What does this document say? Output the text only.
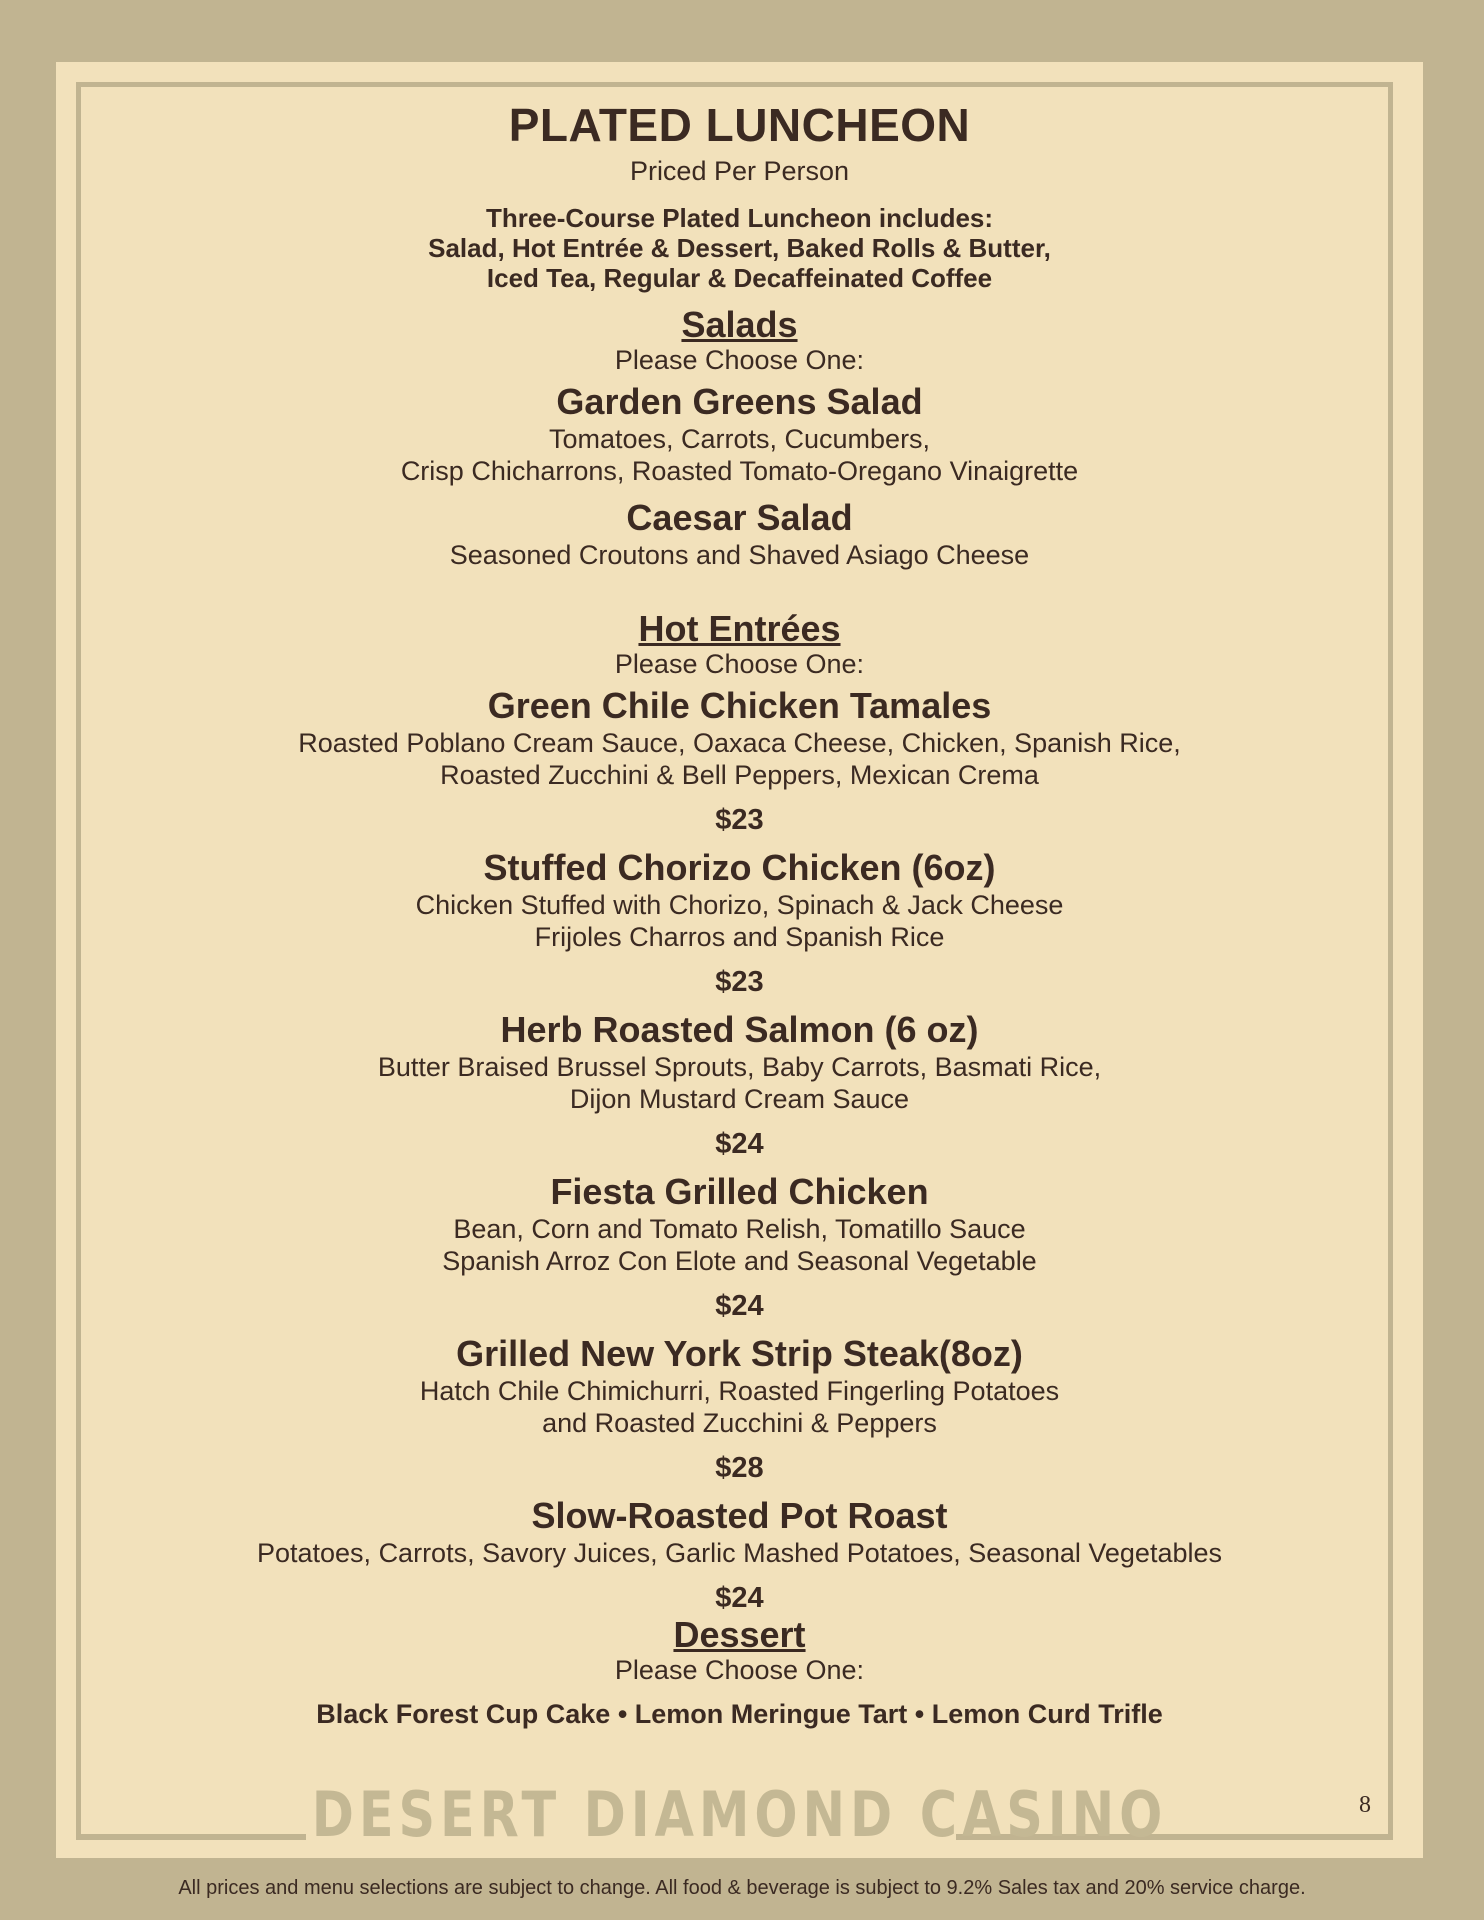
PLATED LUNCHEON
Priced Per Person
Three-Course Plated Luncheon includes:
Salad, Hot Entrée & Dessert, Baked Rolls & Butter,
Iced Tea, Regular & Decaffeinated Coffee
Salads
Please Choose One:
Garden Greens Salad
Tomatoes, Carrots, Cucumbers,
Crisp Chicharrons, Roasted Tomato-Oregano Vinaigrette
Caesar Salad
Seasoned Croutons and Shaved Asiago Cheese
Hot Entrées
Please Choose One:
Green Chile Chicken Tamales
Roasted Poblano Cream Sauce, Oaxaca Cheese, Chicken, Spanish Rice,
Roasted Zucchini & Bell Peppers, Mexican Crema
$23
Stuffed Chorizo Chicken (6oz)
Chicken Stuffed with Chorizo, Spinach & Jack Cheese
Frijoles Charros and Spanish Rice
$23
Herb Roasted Salmon (6 oz)
Butter Braised Brussel Sprouts, Baby Carrots, Basmati Rice,
Dijon Mustard Cream Sauce
$24
Fiesta Grilled Chicken
Bean, Corn and Tomato Relish, Tomatillo Sauce
Spanish Arroz Con Elote and Seasonal Vegetable
$24
Grilled New York Strip Steak(8oz)
Hatch Chile Chimichurri, Roasted Fingerling Potatoes
and Roasted Zucchini & Peppers
$28
Slow-Roasted Pot Roast
Potatoes, Carrots, Savory Juices, Garlic Mashed Potatoes, Seasonal Vegetables
$24
Dessert
Please Choose One:
Black Forest Cup Cake • Lemon Meringue Tart • Lemon Curd Trifle
DESERT DIAMOND CASINO	8
All prices and menu selections are subject to change. All food & beverage is subject to 9.2% Sales tax and 20% service charge.
